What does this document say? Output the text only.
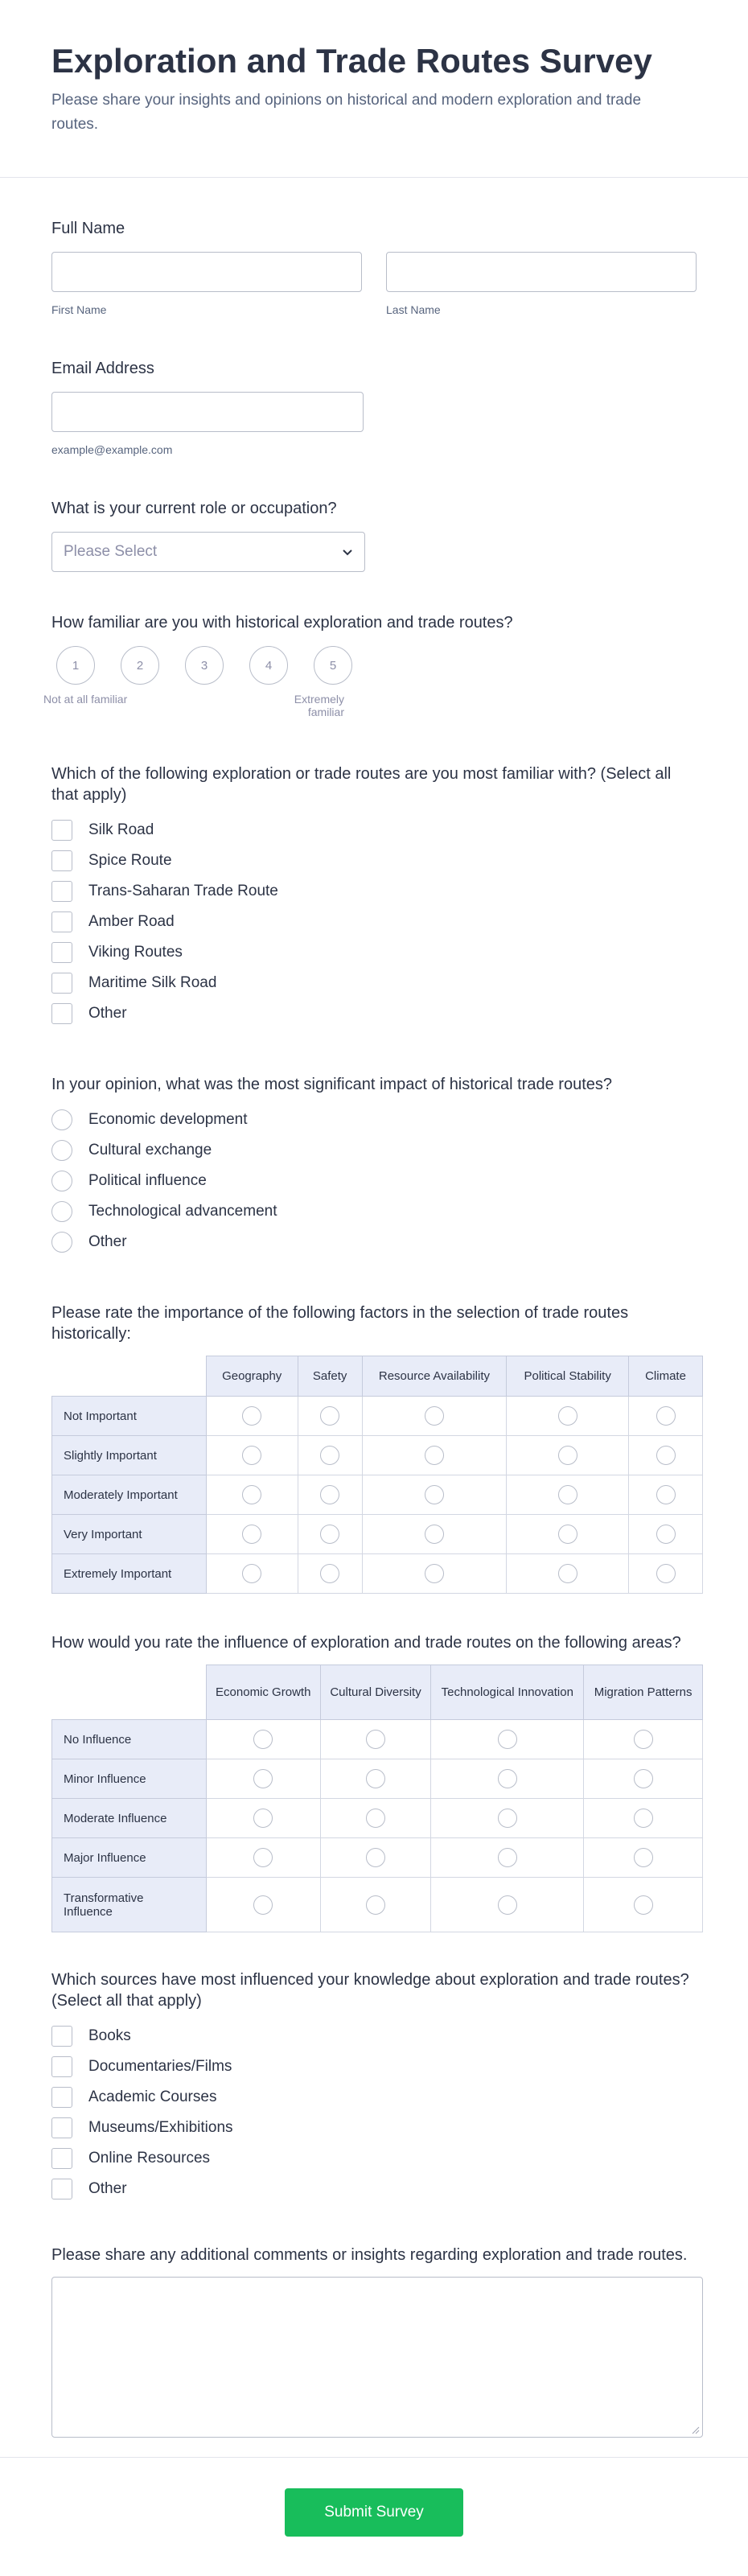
Exploration and Trade Routes Survey

Please share your insights and opinions on historical and modern exploration and trade routes.

Full Name
First Name	Last Name
Email Address
example@example.com
What is your current role or occupation?
Please Select
How familiar are you with historical exploration and trade routes?
1	2	3	4	5
Not at all familiar	Extremely familiar
Which of the following exploration or trade routes are you most familiar with? (Select all that apply)
Silk Road
Spice Route
Trans-Saharan Trade Route
Amber Road
Viking Routes
Maritime Silk Road
Other
In your opinion, what was the most significant impact of historical trade routes?
Economic development
Cultural exchange
Political influence
Technological advancement
Other
Please rate the importance of the following factors in the selection of trade routes historically:
	Geography	Safety	Resource Availability	Political Stability	Climate
Not Important					
Slightly Important					
Moderately Important					
Very Important					
Extremely Important					
How would you rate the influence of exploration and trade routes on the following areas?
	Economic Growth	Cultural Diversity	Technological Innovation	Migration Patterns
No Influence				
Minor Influence				
Moderate Influence				
Major Influence				
Transformative Influence				
Which sources have most influenced your knowledge about exploration and trade routes? (Select all that apply)
Books
Documentaries/Films
Academic Courses
Museums/Exhibitions
Online Resources
Other
Please share any additional comments or insights regarding exploration and trade routes.
Submit Survey
